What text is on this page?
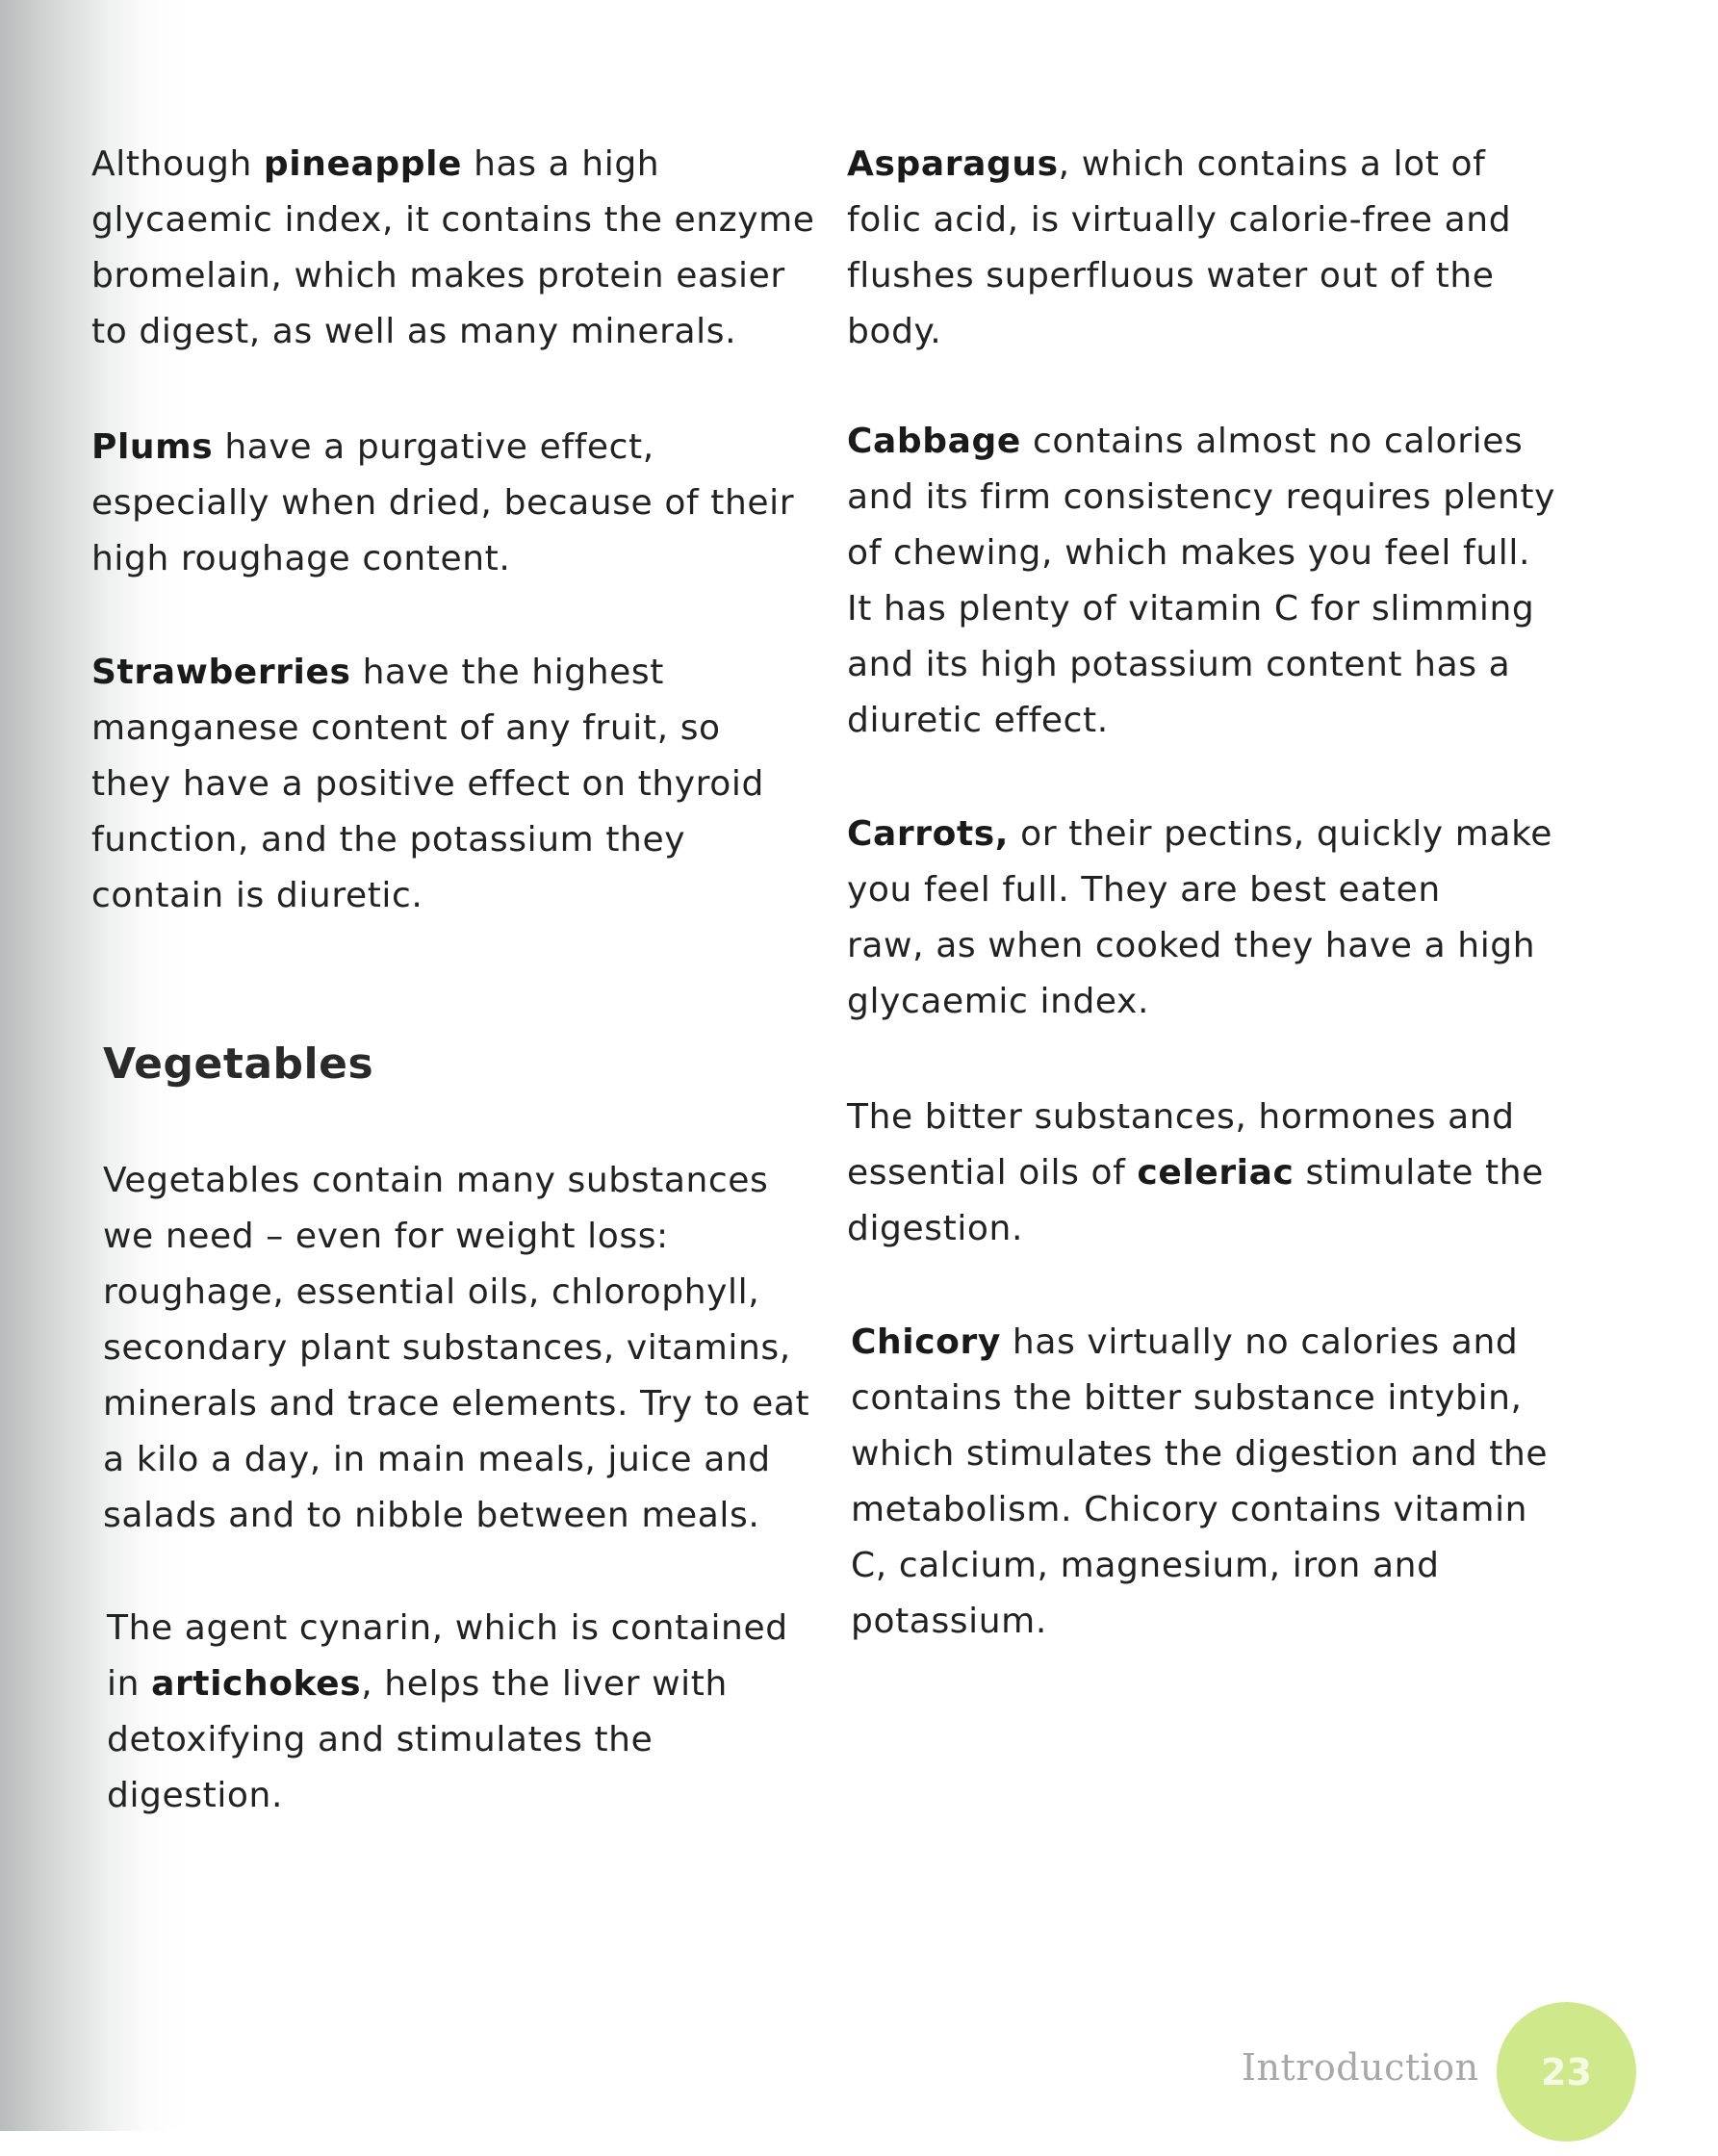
Although pineapple has a high
glycaemic index, it contains the enzyme
bromelain, which makes protein easier
to digest, as well as many minerals.
Plums have a purgative effect,
especially when dried, because of their
high roughage content.
Strawberries have the highest
manganese content of any fruit, so
they have a positive effect on thyroid
function, and the potassium they
contain is diuretic.
Vegetables
Vegetables contain many substances
we need – even for weight loss:
roughage, essential oils, chlorophyll,
secondary plant substances, vitamins,
minerals and trace elements. Try to eat
a kilo a day, in main meals, juice and
salads and to nibble between meals.
The agent cynarin, which is contained
in artichokes, helps the liver with
detoxifying and stimulates the
digestion.
Asparagus, which contains a lot of
folic acid, is virtually calorie-free and
flushes superfluous water out of the
body.
Cabbage contains almost no calories
and its firm consistency requires plenty
of chewing, which makes you feel full.
It has plenty of vitamin C for slimming
and its high potassium content has a
diuretic effect.
Carrots, or their pectins, quickly make
you feel full. They are best eaten
raw, as when cooked they have a high
glycaemic index.
The bitter substances, hormones and
essential oils of celeriac stimulate the
digestion.
Chicory has virtually no calories and
contains the bitter substance intybin,
which stimulates the digestion and the
metabolism. Chicory contains vitamin
C, calcium, magnesium, iron and
potassium.
Introduction 23
